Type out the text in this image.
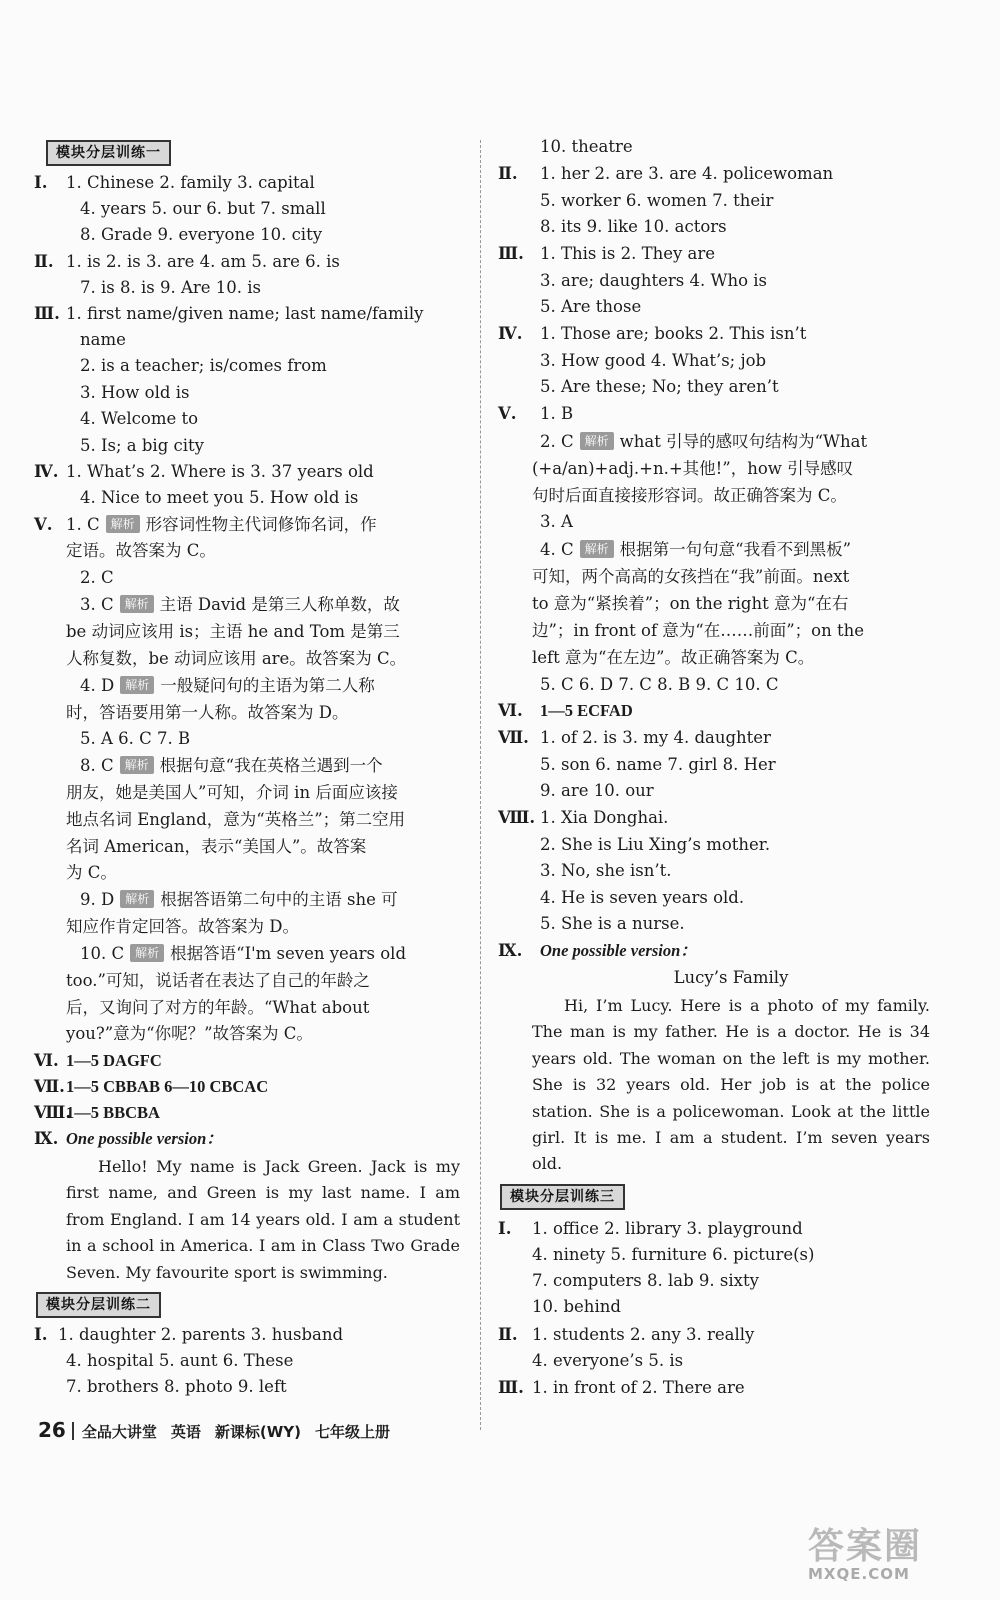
模块分层训练一
Ⅰ. 1. Chinese 2. family 3. capital
4. years 5. our 6. but 7. small
8. Grade 9. everyone 10. city
Ⅱ. 1. is 2. is 3. are 4. am 5. are 6. is
7. is 8. is 9. Are 10. is
Ⅲ. 1. first name/given name; last name/family
name
2. is a teacher; is/comes from
3. How old is
4. Welcome to
5. Is; a big city
Ⅳ. 1. What’s 2. Where is 3. 37 years old
4. Nice to meet you 5. How old is
Ⅴ. 1. C 解析 形容词性物主代词修饰名词，作
定语。故答案为 C。
2. C
3. C 解析 主语 David 是第三人称单数，故
be 动词应该用 is；主语 he and Tom 是第三
人称复数，be 动词应该用 are。故答案为 C。
4. D 解析 一般疑问句的主语为第二人称
时，答语要用第一人称。故答案为 D。
5. A 6. C 7. B
8. C 解析 根据句意“我在英格兰遇到一个
朋友，她是美国人”可知，介词 in 后面应该接
地点名词 England，意为“英格兰”；第二空用
名词 American，表示“美国人”。故答案
为 C。
9. D 解析 根据答语第二句中的主语 she 可
知应作肯定回答。故答案为 D。
10. C 解析 根据答语“I'm seven years old
too.”可知，说话者在表达了自己的年龄之
后，又询问了对方的年龄。“What about
you?”意为“你呢？”故答案为 C。
Ⅵ. 1—5 DAGFC
Ⅶ.1—5 CBBAB 6—10 CBCAC
Ⅷ.1—5 BBCBA
Ⅸ. One possible version：
Hello! My name is Jack Green. Jack is my first name, and Green is my last name. I am from England. I am 14 years old. I am a student in a school in America. I am in Class Two Grade Seven. My favourite sport is swimming.
模块分层训练二
Ⅰ. 1. daughter 2. parents 3. husband
4. hospital 5. aunt 6. These
7. brothers 8. photo 9. left
10. theatre
Ⅱ. 1. her 2. are 3. are 4. policewoman
5. worker 6. women 7. their
8. its 9. like 10. actors
Ⅲ. 1. This is 2. They are
3. are; daughters 4. Who is
5. Are those
Ⅳ. 1. Those are; books 2. This isn’t
3. How good 4. What’s; job
5. Are these; No; they aren’t
Ⅴ. 1. B
2. C 解析 what 引导的感叹句结构为“What
(+a/an)+adj.+n.+其他!”，how 引导感叹
句时后面直接接形容词。故正确答案为 C。
3. A
4. C 解析 根据第一句句意“我看不到黑板”
可知，两个高高的女孩挡在“我”前面。next
to 意为“紧挨着”；on the right 意为“在右
边”；in front of 意为“在……前面”；on the
left 意为“在左边”。故正确答案为 C。
5. C 6. D 7. C 8. B 9. C 10. C
Ⅵ. 1—5 ECFAD
Ⅶ. 1. of 2. is 3. my 4. daughter
5. son 6. name 7. girl 8. Her
9. are 10. our
Ⅷ. 1. Xia Donghai.
2. She is Liu Xing’s mother.
3. No, she isn’t.
4. He is seven years old.
5. She is a nurse.
Ⅸ. One possible version：
Lucy’s Family
Hi, I’m Lucy. Here is a photo of my family. The man is my father. He is a doctor. He is 34 years old. The woman on the left is my mother. She is 32 years old. Her job is at the police station. She is a policewoman. Look at the little girl. It is me. I am a student. I’m seven years old.
模块分层训练三
Ⅰ. 1. office 2. library 3. playground
4. ninety 5. furniture 6. picture(s)
7. computers 8. lab 9. sixty
10. behind
Ⅱ. 1. students 2. any 3. really
4. everyone’s 5. is
Ⅲ. 1. in front of 2. There are
26 全品大讲堂 英语 新课标(WY) 七年级上册
答案圈
MXQE.COM
